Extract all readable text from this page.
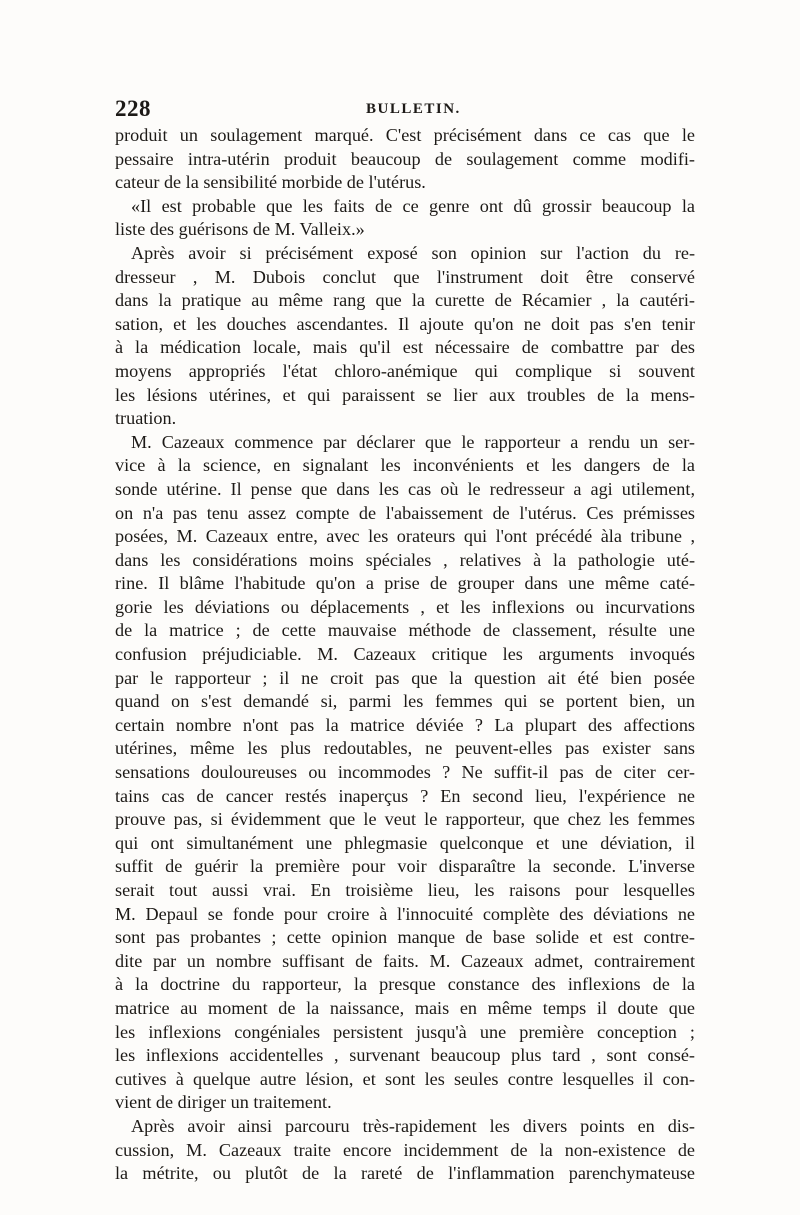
228	BULLETIN.
produit un soulagement marqué. C'est précisément dans ce cas que le
pessaire intra-utérin produit beaucoup de soulagement comme modifi-
cateur de la sensibilité morbide de l'utérus.
«Il est probable que les faits de ce genre ont dû grossir beaucoup la
liste des guérisons de M. Valleix.»
Après avoir si précisément exposé son opinion sur l'action du re-
dresseur , M. Dubois conclut que l'instrument doit être conservé
dans la pratique au même rang que la curette de Récamier , la cautéri-
sation, et les douches ascendantes. Il ajoute qu'on ne doit pas s'en tenir
à la médication locale, mais qu'il est nécessaire de combattre par des
moyens appropriés l'état chloro-anémique qui complique si souvent
les lésions utérines, et qui paraissent se lier aux troubles de la mens-
truation.
M. Cazeaux commence par déclarer que le rapporteur a rendu un ser-
vice à la science, en signalant les inconvénients et les dangers de la
sonde utérine. Il pense que dans les cas où le redresseur a agi utilement,
on n'a pas tenu assez compte de l'abaissement de l'utérus. Ces prémisses
posées, M. Cazeaux entre, avec les orateurs qui l'ont précédé àla tribune ,
dans les considérations moins spéciales , relatives à la pathologie uté-
rine. Il blâme l'habitude qu'on a prise de grouper dans une même caté-
gorie les déviations ou déplacements , et les inflexions ou incurvations
de la matrice ; de cette mauvaise méthode de classement, résulte une
confusion préjudiciable. M. Cazeaux critique les arguments invoqués
par le rapporteur ; il ne croit pas que la question ait été bien posée
quand on s'est demandé si, parmi les femmes qui se portent bien, un
certain nombre n'ont pas la matrice déviée ? La plupart des affections
utérines, même les plus redoutables, ne peuvent-elles pas exister sans
sensations douloureuses ou incommodes ? Ne suffit-il pas de citer cer-
tains cas de cancer restés inaperçus ? En second lieu, l'expérience ne
prouve pas, si évidemment que le veut le rapporteur, que chez les femmes
qui ont simultanément une phlegmasie quelconque et une déviation, il
suffit de guérir la première pour voir disparaître la seconde. L'inverse
serait tout aussi vrai. En troisième lieu, les raisons pour lesquelles
M. Depaul se fonde pour croire à l'innocuité complète des déviations ne
sont pas probantes ; cette opinion manque de base solide et est contre-
dite par un nombre suffisant de faits. M. Cazeaux admet, contrairement
à la doctrine du rapporteur, la presque constance des inflexions de la
matrice au moment de la naissance, mais en même temps il doute que
les inflexions congéniales persistent jusqu'à une première conception ;
les inflexions accidentelles , survenant beaucoup plus tard , sont consé-
cutives à quelque autre lésion, et sont les seules contre lesquelles il con-
vient de diriger un traitement.
Après avoir ainsi parcouru très-rapidement les divers points en dis-
cussion, M. Cazeaux traite encore incidemment de la non-existence de
la métrite, ou plutôt de la rareté de l'inflammation parenchymateuse
